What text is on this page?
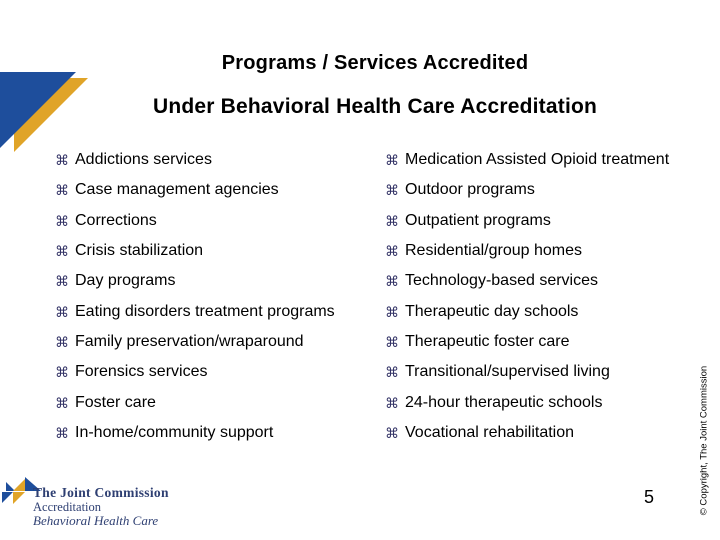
Programs / Services Accredited
Under Behavioral Health Care Accreditation
⌘ Addictions services
⌘ Case management agencies
⌘ Corrections
⌘ Crisis stabilization
⌘ Day programs
⌘ Eating disorders treatment programs
⌘ Family preservation/wraparound
⌘ Forensics services
⌘ Foster care
⌘ In-home/community support
⌘ Medication Assisted Opioid treatment
⌘ Outdoor programs
⌘ Outpatient programs
⌘ Residential/group homes
⌘ Technology-based services
⌘ Therapeutic day schools
⌘ Therapeutic foster care
⌘ Transitional/supervised living
⌘ 24-hour therapeutic schools
⌘ Vocational rehabilitation
The Joint Commission
Accreditation
Behavioral Health Care
5	© Copyright, The Joint Commission
